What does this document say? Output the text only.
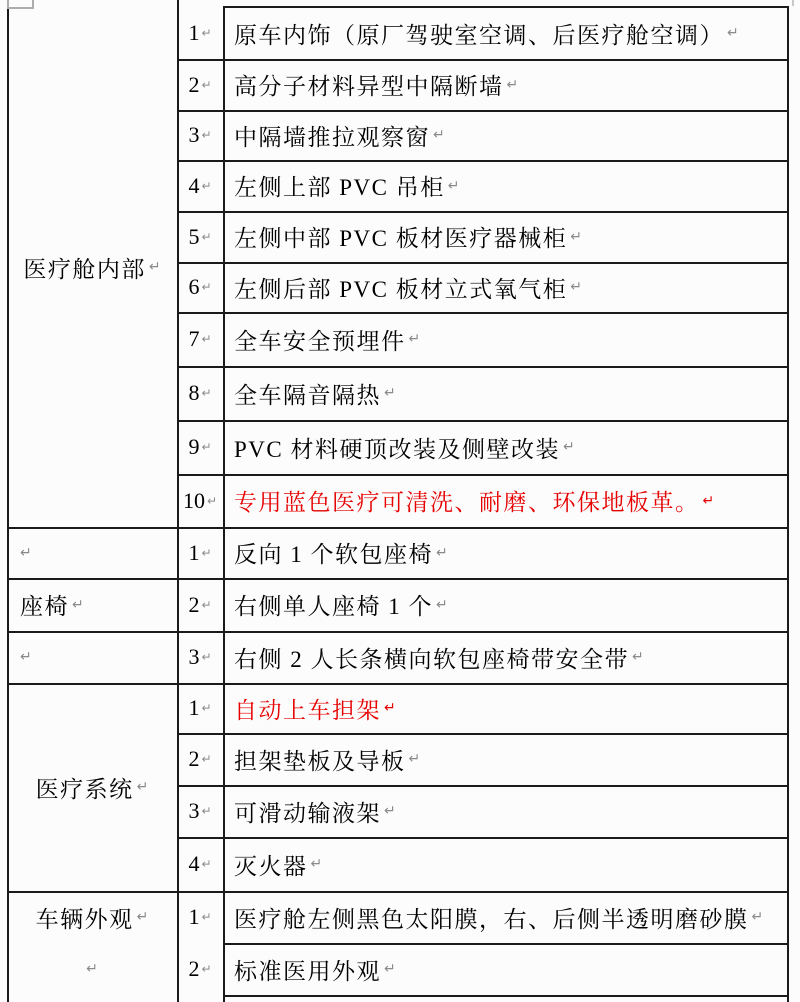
医疗舱内部 ↵
↵
座椅 ↵
↵
医疗系统 ↵
车辆外观 ↵
↵
1 ↵ 原车内饰（原厂驾驶室空调、后医疗舱空调） ↵
2 ↵ 高分子材料异型中隔断墙 ↵
3 ↵ 中隔墙推拉观察窗 ↵
4 ↵ 左侧上部 PVC 吊柜 ↵
5 ↵ 左侧中部 PVC 板材医疗器械柜 ↵
6 ↵ 左侧后部 PVC 板材立式氧气柜 ↵
7 ↵ 全车安全预埋件 ↵
8 ↵ 全车隔音隔热 ↵
9 ↵ PVC 材料硬顶改装及侧壁改装 ↵
10 ↵ 专用蓝色医疗可清洗、耐磨、环保地板革。 ↵
1 ↵ 反向 1 个软包座椅 ↵
2 ↵ 右侧单人座椅 1 个 ↵
3 ↵ 右侧 2 人长条横向软包座椅带安全带 ↵
1 ↵ 自动上车担架 ↵
2 ↵ 担架垫板及导板 ↵
3 ↵ 可滑动输液架 ↵
4 ↵ 灭火器 ↵
1 ↵ 医疗舱左侧黑色太阳膜，右、后侧半透明磨砂膜 ↵
2 ↵ 标准医用外观 ↵
